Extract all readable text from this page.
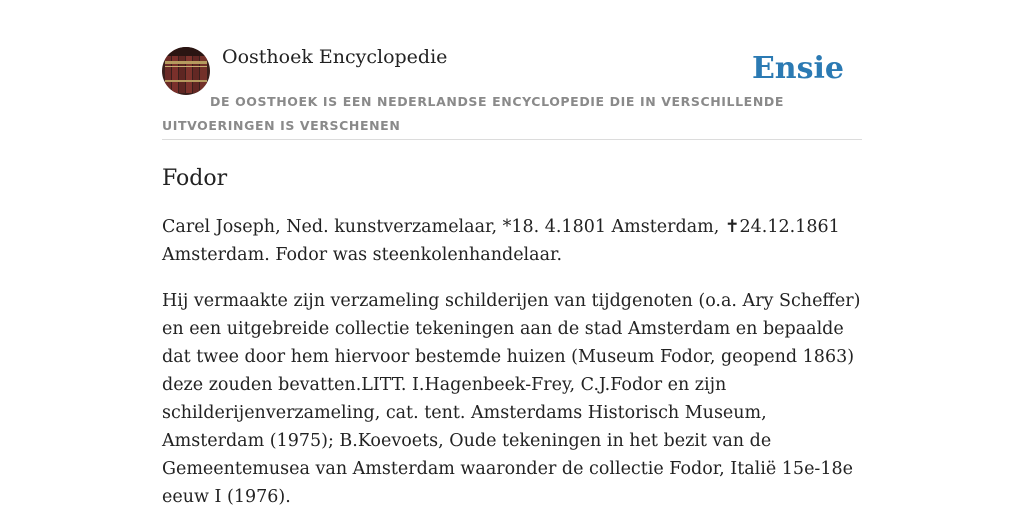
Oosthoek Encyclopedie	Ensie

DE OOSTHOEK IS EEN NEDERLANDSE ENCYCLOPEDIE DIE IN VERSCHILLENDE UITVOERINGEN IS VERSCHENEN

Fodor

Carel Joseph, Ned. kunstverzamelaar, *18. 4.1801 Amsterdam, ✝24.12.1861 Amsterdam. Fodor was steenkolenhandelaar.

Hij vermaakte zijn verzameling schilderijen van tijdgenoten (o.a. Ary Scheffer) en een uitgebreide collectie tekeningen aan de stad Amsterdam en bepaalde dat twee door hem hiervoor bestemde huizen (Museum Fodor, geopend 1863) deze zouden bevatten.LITT. I.Hagenbeek-Frey, C.J.Fodor en zijn schilderijenverzameling, cat. tent. Amsterdams Historisch Museum, Amsterdam (1975); B.Koevoets, Oude tekeningen in het bezit van de Gemeentemusea van Amsterdam waaronder de collectie Fodor, Italië 15e-18e eeuw I (1976).
